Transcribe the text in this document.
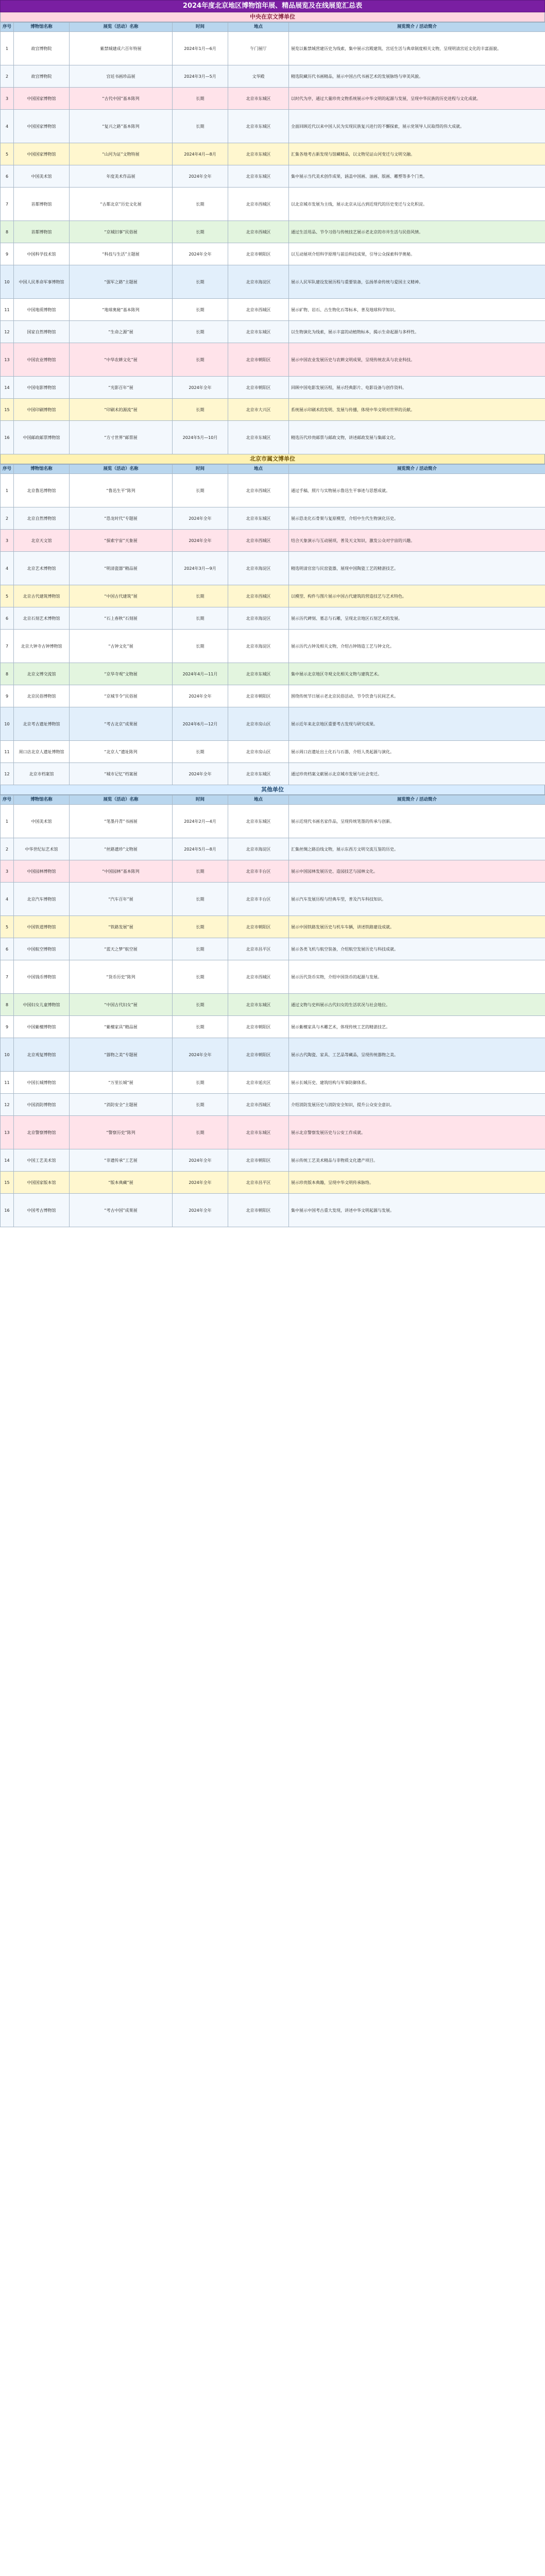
2024年度北京地区博物馆年展、精品展览及在线展览汇总表
中央在京文博单位
序号	博物馆名称	展览（活动）名称	时间	地点	展览简介 / 活动简介
1	故宫博物院	紫禁城建成六百年特展	2024年1月—6月	午门展厅	展览以紫禁城营建历史为线索，集中展示宫殿建筑、宫廷生活与典章制度相关文物，呈现明清宫廷文化的丰富面貌。
2	故宫博物院	宫廷书画珍品展	2024年3月—5月	文华殿	精选院藏历代书画精品，展示中国古代书画艺术的发展脉络与审美风貌。
3	中国国家博物馆	“古代中国”基本陈列	长期	北京市东城区	以时代为序，通过大量珍贵文物系统展示中华文明的起源与发展，呈现中华民族的历史进程与文化成就。
4	中国国家博物馆	“复兴之路”基本陈列	长期	北京市东城区	全面回顾近代以来中国人民为实现民族复兴进行的不懈探索，展示党领导人民取得的伟大成就。
5	中国国家博物馆	“山河为证”文物特展	2024年4月—8月	北京市东城区	汇集各地考古新发现与馆藏精品，以文物见证山河变迁与文明交融。
6	中国美术馆	年度美术作品展	2024年全年	北京市东城区	集中展示当代美术创作成果，涵盖中国画、油画、版画、雕塑等多个门类。
7	首都博物馆	“古都北京”历史文化展	长期	北京市西城区	以北京城市发展为主线，展示北京从远古到近现代的历史变迁与文化积淀。
8	首都博物馆	“京城旧事”民俗展	长期	北京市西城区	通过生活用品、节令习俗与传统技艺展示老北京的市井生活与民俗风情。
9	中国科学技术馆	“科技与生活”主题展	2024年全年	北京市朝阳区	以互动展项介绍科学原理与前沿科技成果，引导公众探索科学奥秘。
10	中国人民革命军事博物馆	“强军之路”主题展	长期	北京市海淀区	展示人民军队建设发展历程与重要装备，弘扬革命传统与爱国主义精神。
11	中国地质博物馆	“地球奥秘”基本陈列	长期	北京市西城区	展示矿物、岩石、古生物化石等标本，普及地球科学知识。
12	国家自然博物馆	“生命之源”展	长期	北京市东城区	以生物演化为线索，展示丰富的动植物标本，揭示生命起源与多样性。
13	中国农业博物馆	“中华农耕文化”展	长期	北京市朝阳区	展示中国农业发展历史与农耕文明成果，呈现传统农具与农业科技。
14	中国电影博物馆	“光影百年”展	2024年全年	北京市朝阳区	回顾中国电影发展历程，展示经典影片、电影设备与创作资料。
15	中国印刷博物馆	“印刷术的源流”展	长期	北京市大兴区	系统展示印刷术的发明、发展与传播，体现中华文明对世界的贡献。
16	中国邮政邮票博物馆	“方寸世界”邮票展	2024年5月—10月	北京市东城区	精选历代珍贵邮票与邮政文物，讲述邮政发展与集邮文化。
北京市属文博单位
序号	博物馆名称	展览（活动）名称	时间	地点	展览简介 / 活动简介
1	北京鲁迅博物馆	“鲁迅生平”陈列	长期	北京市西城区	通过手稿、照片与实物展示鲁迅生平事迹与思想成就。
2	北京自然博物馆	“恐龙时代”专题展	2024年全年	北京市东城区	展示恐龙化石骨架与复原模型，介绍中生代生物演化历史。
3	北京天文馆	“探索宇宙”天象展	2024年全年	北京市西城区	结合天象演示与互动展项，普及天文知识，激发公众对宇宙的兴趣。
4	北京艺术博物馆	“明清瓷器”精品展	2024年3月—9月	北京市海淀区	精选明清官窑与民窑瓷器，展现中国陶瓷工艺的精湛技艺。
5	北京古代建筑博物馆	“中国古代建筑”展	长期	北京市西城区	以模型、构件与图片展示中国古代建筑的营造技艺与艺术特色。
6	北京石刻艺术博物馆	“石上春秋”石刻展	长期	北京市海淀区	展示历代碑刻、墓志与石雕，呈现北京地区石刻艺术的发展。
7	北京大钟寺古钟博物馆	“古钟文化”展	长期	北京市海淀区	展示历代古钟及相关文物，介绍古钟铸造工艺与钟文化。
8	北京文博交流馆	“京华寺观”文物展	2024年4月—11月	北京市东城区	集中展示北京地区寺观文化相关文物与建筑艺术。
9	北京民俗博物馆	“京城节令”民俗展	2024年全年	北京市朝阳区	围绕传统节日展示老北京民俗活动、节令饮食与民间艺术。
10	北京考古遗址博物馆	“考古北京”成果展	2024年6月—12月	北京市房山区	展示近年来北京地区重要考古发现与研究成果。
11	周口店北京人遗址博物馆	“北京人”遗址陈列	长期	北京市房山区	展示周口店遗址出土化石与石器，介绍人类起源与演化。
12	北京市档案馆	“城市记忆”档案展	2024年全年	北京市东城区	通过珍贵档案文献展示北京城市发展与社会变迁。
其他单位
序号	博物馆名称	展览（活动）名称	时间	地点	展览简介 / 活动简介
1	中国美术馆	“笔墨丹青”书画展	2024年2月—4月	北京市东城区	展示近现代书画名家作品，呈现传统笔墨的传承与创新。
2	中华世纪坛艺术馆	“丝路遗珍”文物展	2024年5月—8月	北京市海淀区	汇集丝绸之路沿线文物，展示东西方文明交流互鉴的历史。
3	中国园林博物馆	“中国园林”基本陈列	长期	北京市丰台区	展示中国园林发展历史、造园技艺与园林文化。
4	北京汽车博物馆	“汽车百年”展	长期	北京市丰台区	展示汽车发展历程与经典车型，普及汽车科技知识。
5	中国铁道博物馆	“铁路发展”展	长期	北京市朝阳区	展示中国铁路发展历史与机车车辆，讲述铁路建设成就。
6	中国航空博物馆	“蓝天之梦”航空展	长期	北京市昌平区	展示各类飞机与航空装备，介绍航空发展历史与科技成就。
7	中国钱币博物馆	“货币历史”陈列	长期	北京市西城区	展示历代货币实物，介绍中国货币的起源与发展。
8	中国妇女儿童博物馆	“中国古代妇女”展	长期	北京市东城区	通过文物与史料展示古代妇女的生活状况与社会地位。
9	中国紫檀博物馆	“紫檀家具”精品展	长期	北京市朝阳区	展示紫檀家具与木雕艺术，体现传统工艺的精湛技艺。
10	北京观复博物馆	“器物之美”专题展	2024年全年	北京市朝阳区	展示古代陶瓷、家具、工艺品等藏品，呈现传统器物之美。
11	中国长城博物馆	“万里长城”展	长期	北京市延庆区	展示长城历史、建筑结构与军事防御体系。
12	中国消防博物馆	“消防安全”主题展	长期	北京市西城区	介绍消防发展历史与消防安全知识，提升公众安全意识。
13	北京警察博物馆	“警察历史”陈列	长期	北京市东城区	展示北京警察发展历史与公安工作成就。
14	中国工艺美术馆	“非遗传承”工艺展	2024年全年	北京市朝阳区	展示传统工艺美术精品与非物质文化遗产项目。
15	中国国家版本馆	“版本典藏”展	2024年全年	北京市昌平区	展示珍贵版本典籍，呈现中华文明传承脉络。
16	中国考古博物馆	“考古中国”成果展	2024年全年	北京市朝阳区	集中展示中国考古重大发现，讲述中华文明起源与发展。
